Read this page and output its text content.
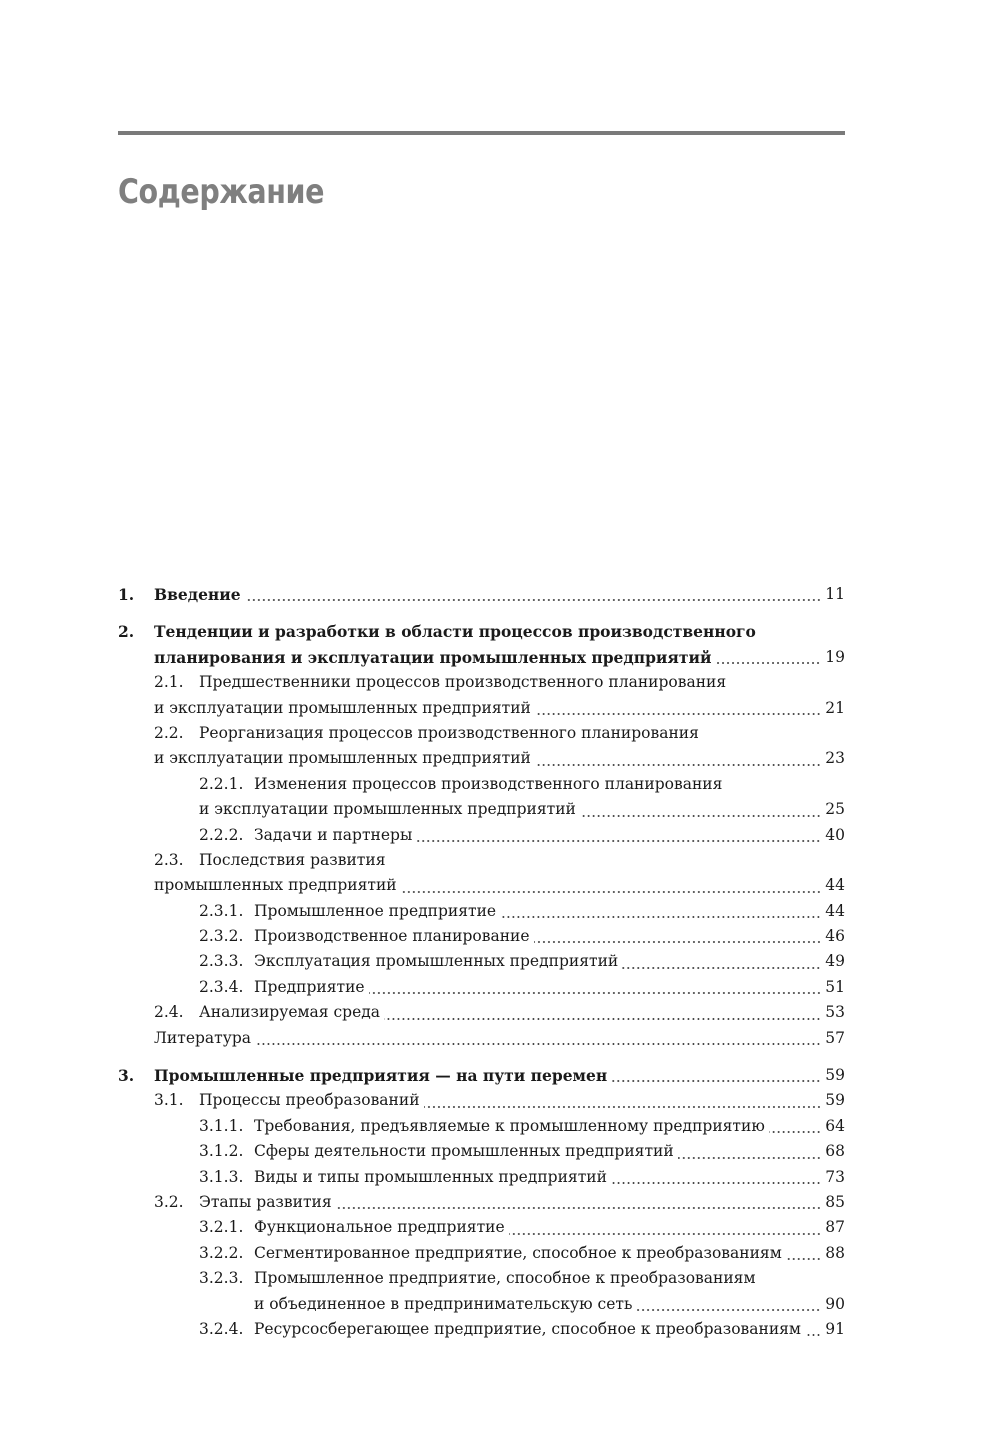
Содержание
1. Введение	11
2. Тенденции и разработки в области процессов производственного
планирования и эксплуатации промышленных предприятий	19
2.1. Предшественники процессов производственного планирования
и эксплуатации промышленных предприятий	21
2.2. Реорганизация процессов производственного планирования
и эксплуатации промышленных предприятий	23
2.2.1. Изменения процессов производственного планирования
и эксплуатации промышленных предприятий	25
2.2.2. Задачи и партнеры	40
2.3. Последствия развития
промышленных предприятий	44
2.3.1. Промышленное предприятие	44
2.3.2. Производственное планирование	46
2.3.3. Эксплуатация промышленных предприятий	49
2.3.4. Предприятие	51
2.4. Анализируемая среда	53
Литература	57
3. Промышленные предприятия — на пути перемен	59
3.1. Процессы преобразований	59
3.1.1. Требования, предъявляемые к промышленному предприятию	64
3.1.2. Сферы деятельности промышленных предприятий	68
3.1.3. Виды и типы промышленных предприятий	73
3.2. Этапы развития	85
3.2.1. Функциональное предприятие	87
3.2.2. Сегментированное предприятие, способное к преобразованиям	88
3.2.3. Промышленное предприятие, способное к преобразованиям
и объединенное в предпринимательскую сеть	90
3.2.4. Ресурсосберегающее предприятие, способное к преобразованиям	91
